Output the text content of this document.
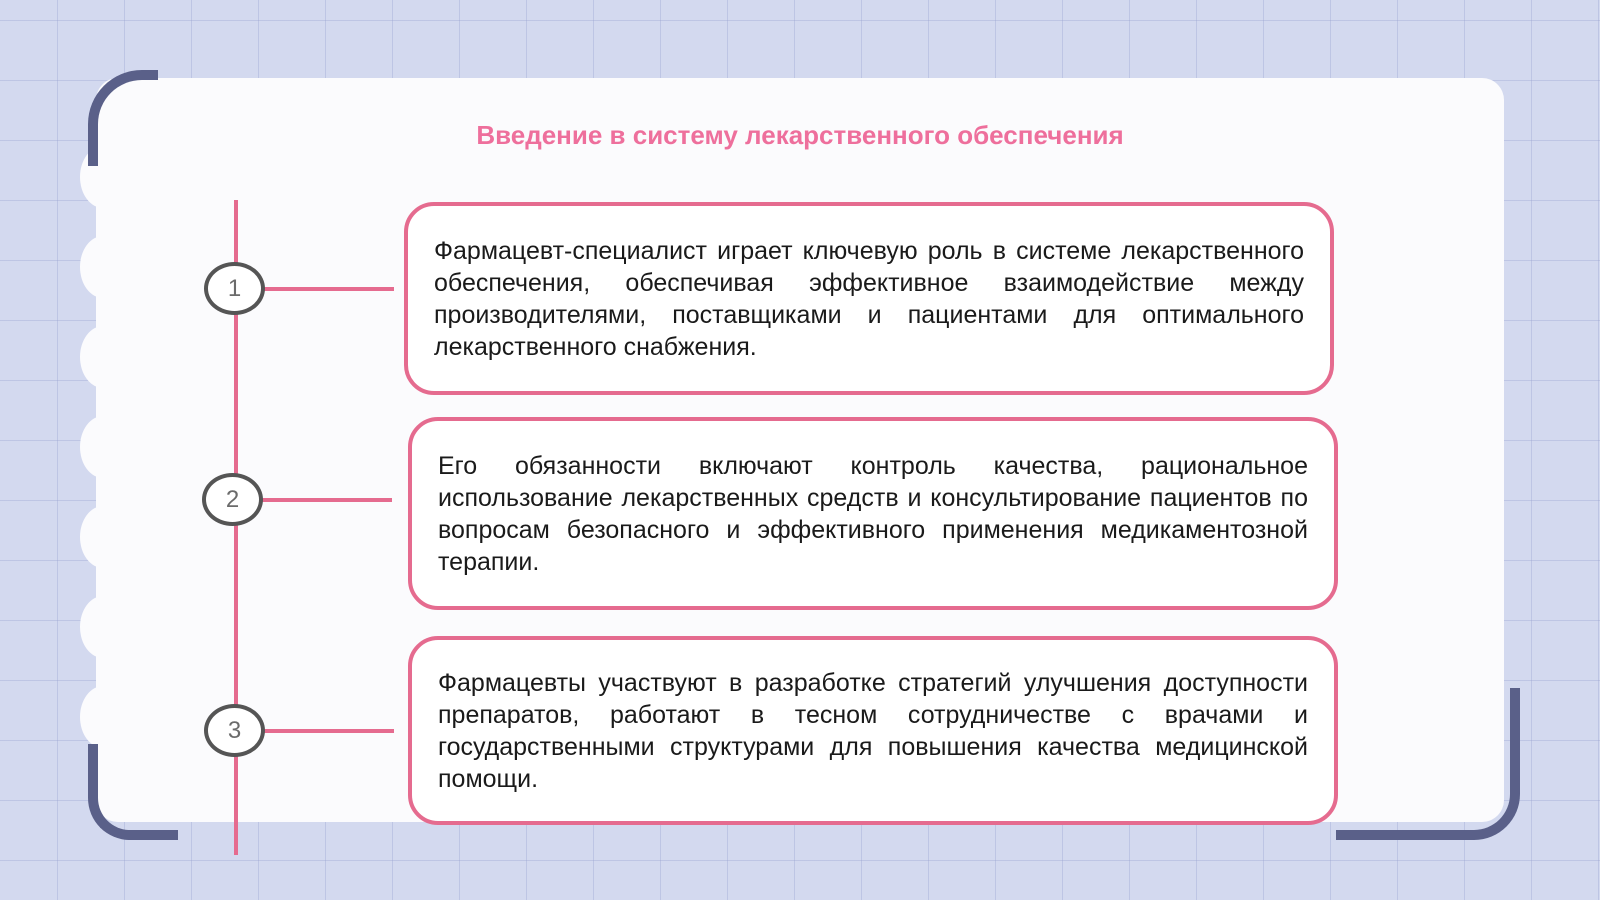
Введение в систему лекарственного обеспечения
1
2
3

Фармацевт-специалист играет ключевую роль в системе лекарственного обеспечения, обеспечивая эффективное взаимодействие между производителями, поставщиками и пациентами для оптимального лекарственного снабжения.

Его обязанности включают контроль качества, рациональное использование лекарственных средств и консультирование пациентов по вопросам безопасного и эффективного применения медикаментозной терапии.

Фармацевты участвуют в разработке стратегий улучшения доступности препаратов, работают в тесном сотрудничестве с врачами и государственными структурами для повышения качества медицинской помощи.
